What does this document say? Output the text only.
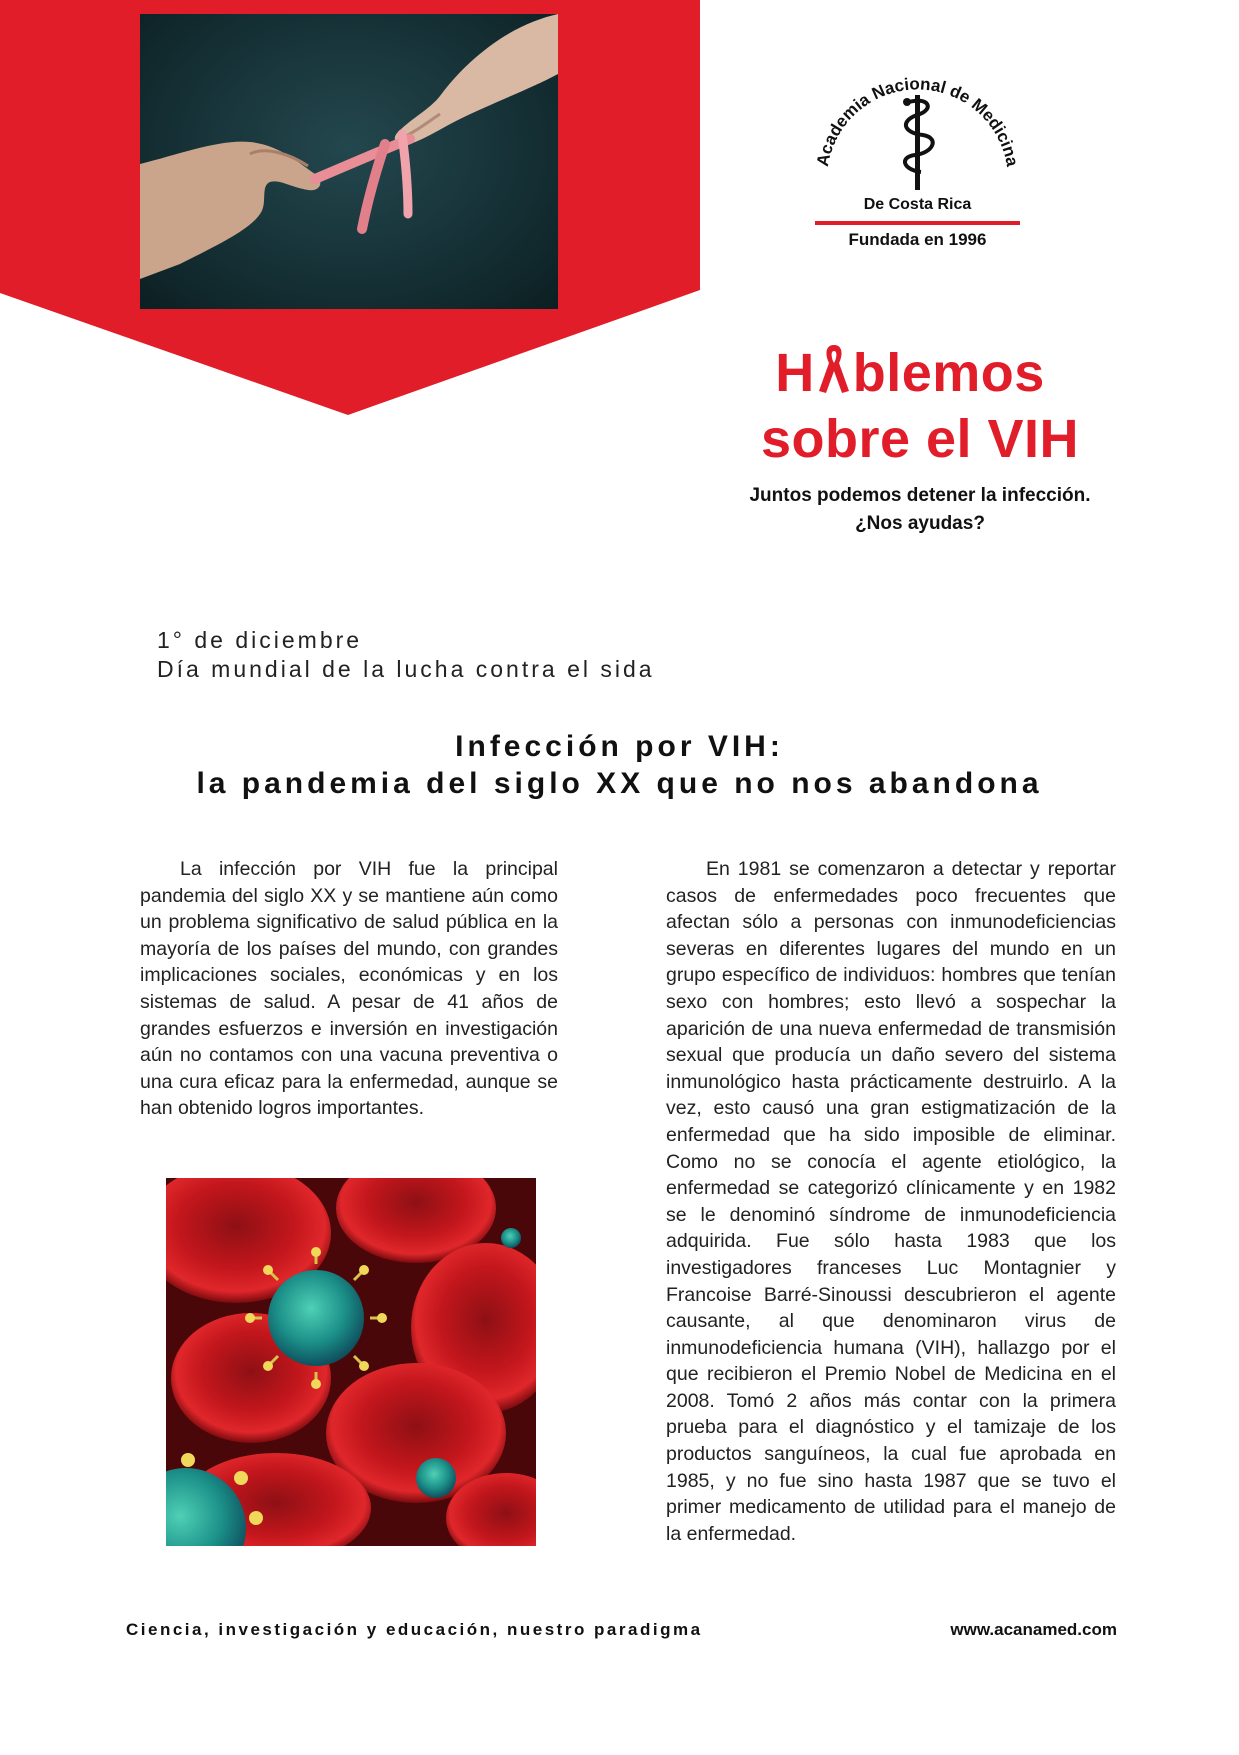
Academia Nacional de Medicina
De Costa Rica
Fundada en 1996
H blemos
sobre el VIH
Juntos podemos detener la infección.
¿Nos ayudas?
1° de diciembre
Día mundial de la lucha contra el sida
Infección por VIH:
la pandemia del siglo XX que no nos abandona

La infección por VIH fue la principal pandemia del siglo XX y se mantiene aún como un problema significativo de salud pública en la mayoría de los países del mundo, con grandes implicaciones sociales, económicas y en los sistemas de salud. A pesar de 41 años de grandes esfuerzos e inversión en investigación aún no contamos con una vacuna preventiva o una cura eficaz para la enfermedad, aunque se han obtenido logros importantes.

En 1981 se comenzaron a detectar y reportar casos de enfermedades poco frecuentes que afectan sólo a personas con inmunodeficiencias severas en diferentes lugares del mundo en un grupo específico de individuos: hombres que tenían sexo con hombres; esto llevó a sospechar la aparición de una nueva enfermedad de transmisión sexual que producía un daño severo del sistema inmunológico hasta prácticamente destruirlo. A la vez, esto causó una gran estigmatización de la enfermedad que ha sido imposible de eliminar. Como no se conocía el agente etiológico, la enfermedad se categorizó clínicamente y en 1982 se le denominó síndrome de inmunodeficiencia adquirida. Fue sólo hasta 1983 que los investigadores franceses Luc Montagnier y Francoise Barré-Sinoussi descubrieron el agente causante, al que denominaron virus de inmunodeficiencia humana (VIH), hallazgo por el que recibieron el Premio Nobel de Medicina en el 2008. Tomó 2 años más contar con la primera prueba para el diagnóstico y el tamizaje de los productos sanguíneos, la cual fue aprobada en 1985, y no fue sino hasta 1987 que se tuvo el primer medicamento de utilidad para el manejo de la enfermedad.

Ciencia, investigación y educación, nuestro paradigma	www.acanamed.com
